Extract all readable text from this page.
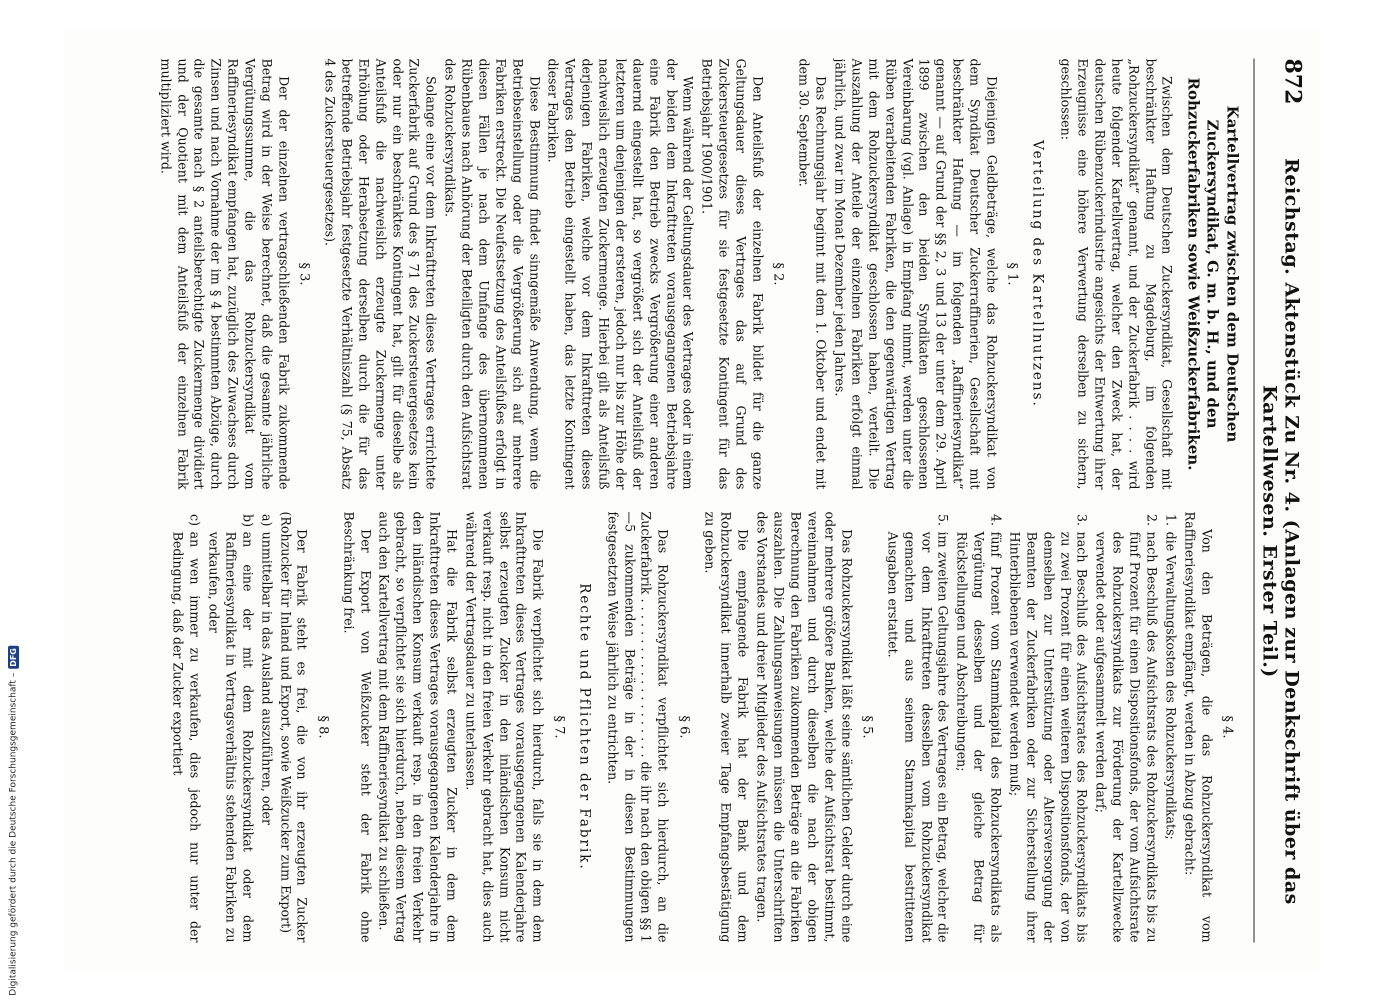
872
Reichstag. Aktenstück Zu Nr. 4. (Anlagen zur Denkschrift über das Kartellwesen. Erster Teil.)
Kartellvertrag zwischen dem Deutschen Zuckersyndikat, G. m. b. H., und den Rohzuckerfabriken sowie Weißzuckerfabriken.

Zwischen dem Deutschen Zuckersyndikat, Gesellschaft mit beschränkter Haftung zu Magdeburg, im folgenden „Rohzuckersyndikat“ genannt, und der Zuckerfabrik . . . . wird heute folgender Kartellvertrag, welcher den Zweck hat, der deutschen Rübenzuckerindustrie angesichts der Entwertung ihrer Erzeugnisse eine höhere Verwertung derselben zu sichern, geschlossen:

Verteilung des Kartellnutzens.
§ 1.

Diejenigen Geldbeträge, welche das Rohzuckersyndikat von dem Syndikat Deutscher Zuckerraffinerien, Gesellschaft mit beschränkter Haftung — im folgenden „Raffineriesyndikat“ genannt — auf Grund der §§ 2, 3 und 13 der unter dem 29. April 1899 zwischen den beiden Syndikaten geschlossenen Vereinbarung (vgl. Anlage) in Empfang nimmt, werden unter die Rüben verarbeitenden Fabriken, die den gegenwärtigen Vertrag mit dem Rohzuckersyndikat geschlossen haben, verteilt. Die Auszahlung der Anteile der einzelnen Fabriken erfolgt einmal jährlich, und zwar im Monat Dezember jeden Jahres.

Das Rechnungsjahr beginnt mit dem 1. Oktober und endet mit dem 30. September.

§ 2.

Den Anteilsfuß der einzelnen Fabrik bildet für die ganze Geltungsdauer dieses Vertrages das auf Grund des Zuckersteuergesetzes für sie festgesetzte Kontingent für das Betriebsjahr 1900/1901.

Wenn während der Geltungsdauer des Vertrages oder in einem der beiden dem Inkrafttreten vorausgegangenen Betriebsjahre eine Fabrik den Betrieb zwecks Vergrößerung einer anderen dauernd eingestellt hat, so vergrößert sich der Anteilsfuß der letzteren um denjenigen der ersteren, jedoch nur bis zur Höhe der nachweislich erzeugten Zuckermenge. Hierbei gilt als Anteilsfuß derjenigen Fabriken, welche vor dem Inkrafttreten dieses Vertrages den Betrieb eingestellt haben, das letzte Kontingent dieser Fabriken.

Diese Bestimmung findet sinngemäße Anwendung, wenn die Betriebseinstellung oder die Vergrößerung sich auf mehrere Fabriken erstreckt. Die Neufestsetzung des Anteilsfußes erfolgt in diesen Fällen je nach dem Umfange des übernommenen Rübenbaues nach Anhörung der Beteiligten durch den Aufsichtsrat des Rohzuckersyndikats.

Solange eine vor dem Inkrafttreten dieses Vertrages errichtete Zuckerfabrik auf Grund des § 71 des Zuckersteuergesetzes kein oder nur ein beschränktes Kontingent hat, gilt für dieselbe als Anteilsfuß die nachweislich erzeugte Zuckermenge unter Erhöhung oder Herabsetzung derselben durch die für das betreffende Betriebsjahr festgesetzte Verhältniszahl (§ 75, Absatz 4 des Zuckersteuergesetzes).

§ 3.

Der der einzelnen vertragschließenden Fabrik zukommende Betrag wird in der Weise berechnet, daß die gesamte jährliche Vergütungssumme, die das Rohzuckersyndikat vom Raffineriesyndikat empfangen hat, zuzüglich des Zuwachses durch Zinsen und nach Vornahme der im § 4 bestimmten Abzüge, durch die gesamte nach § 2 anteilsberechtigte Zuckermenge dividiert und der Quotient mit dem Anteilsfuß der einzelnen Fabrik multipliziert wird.

§ 4.

Von den Beträgen, die das Rohzuckersyndikat vom Raffineriesyndikat empfängt, werden in Abzug gebracht:

1.die Verwaltungskosten des Rohzuckersyndikats;
2.nach Beschluß des Aufsichtsrats des Rohzuckersyndikats bis zu fünf Prozent für einen Dispositionsfonds, der vom Aufsichtsrate des Rohzuckersyndikats zur Förderung der Kartellzwecke verwendet oder aufgesammelt werden darf;
3.nach Beschluß des Aufsichtsrates des Rohzuckersyndikats bis zu zwei Prozent für einen weiteren Dispositionsfonds, der von demselben zur Unterstützung oder Altersversorgung der Beamten der Zuckerfabriken oder zur Sicherstellung ihrer Hinterbliebenen verwendet werden muß;
4.fünf Prozent vom Stammkapital des Rohzuckersyndikats als Vergütung desselben und der gleiche Betrag für Rückstellungen und Abschreibungen;
5.im zweiten Geltungsjahre des Vertrages ein Betrag, welcher die vor dem Inkrafttreten desselben vom Rohzuckersyndikat gemachten und aus seinem Stammkapital bestrittenen Ausgaben erstattet.
§ 5.

Das Rohzuckersyndikat läßt seine sämtlichen Gelder durch eine oder mehrere größere Banken, welche der Aufsichtsrat bestimmt, vereinnahmen und durch dieselben die nach der obigen Berechnung den Fabriken zukommenden Beträge an die Fabriken auszahlen. Die Zahlungsanweisungen müssen die Unterschriften des Vorstandes und dreier Mitglieder des Aufsichtsrates tragen.

Die empfangende Fabrik hat der Bank und dem Rohzuckersyndikat innerhalb zweier Tage Empfangsbestätigung zu geben.

§ 6.

Das Rohzuckersyndikat verpflichtet sich hierdurch, an die Zuckerfabrik . . . . . . . . . . . . . . . . . . . . die ihr nach den obigen §§ 1—5 zukommenden Beträge in der in diesen Bestimmungen festgesetzten Weise jährlich zu entrichten.

Rechte und Pflichten der Fabrik.
§ 7.

Die Fabrik verpflichtet sich hierdurch, falls sie in dem dem Inkrafttreten dieses Vertrages vorausgegangenen Kalenderjahre selbst erzeugten Zucker in den inländischen Konsum nicht verkauft resp. nicht in den freien Verkehr gebracht hat, dies auch während der Vertragsdauer zu unterlassen.

Hat die Fabrik selbst erzeugten Zucker in dem dem Inkrafttreten dieses Vertrages vorausgegangenen Kalenderjahre in den inländischen Konsum verkauft resp. in den freien Verkehr gebracht, so verpflichtet sie sich hierdurch, neben diesem Vertrag auch den Kartellvertrag mit dem Raffineriesyndikat zu schließen.

Der Export von Weißzucker steht der Fabrik ohne Beschränkung frei.

§ 8.

Der Fabrik steht es frei, die von ihr erzeugten Zucker (Rohzucker für Inland und Export, sowie Weißzucker zum Export)

a)unmittelbar in das Ausland auszuführen, oder
b)an eine der mit dem Rohzuckersyndikat oder dem Raffineriesyndikat in Vertragsverhältnis stehenden Fabriken zu verkaufen, oder
c)an wen immer zu verkaufen, dies jedoch nur unter der Bedingung, daß der Zucker exportiert
Digitalisierung gefördert durch die Deutsche Forschungsgemeinschaft –
DFG
